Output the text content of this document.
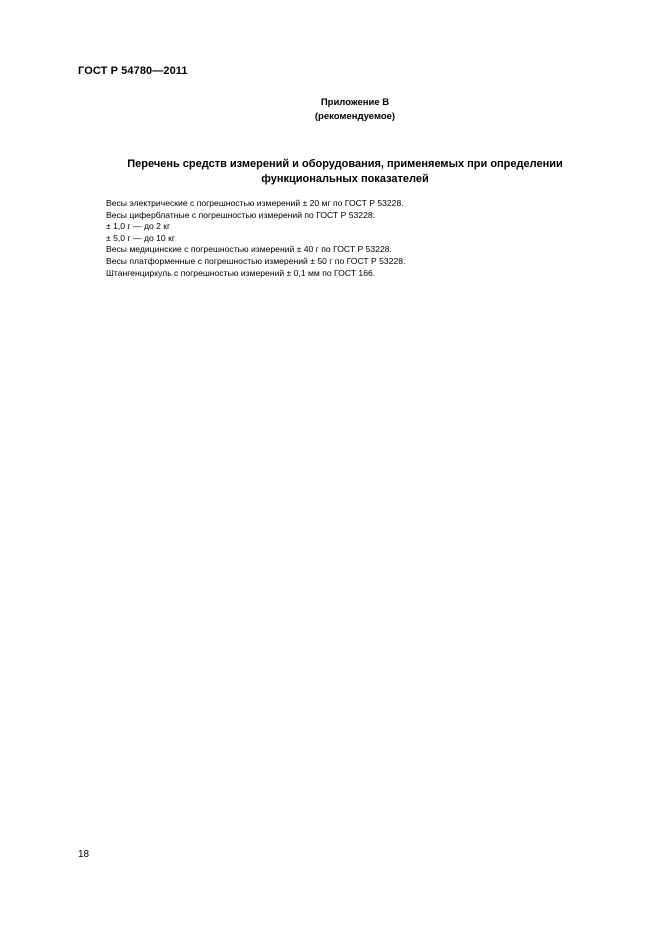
ГОСТ Р 54780—2011
Приложение В
(рекомендуемое)
Перечень средств измерений и оборудования, применяемых при определении
функциональных показателей
Весы электрические с погрешностью измерений ± 20 мг по ГОСТ Р 53228.
Весы циферблатные с погрешностью измерений по ГОСТ Р 53228:
± 1,0 г — до 2 кг
± 5,0 г — до 10 кг
Весы медицинские с погрешностью измерений ± 40 г по ГОСТ Р 53228.
Весы платформенные с погрешностью измерений ± 50 г по ГОСТ Р 53228.
Штангенциркуль с погрешностью измерений ± 0,1 мм по ГОСТ 166.
18
